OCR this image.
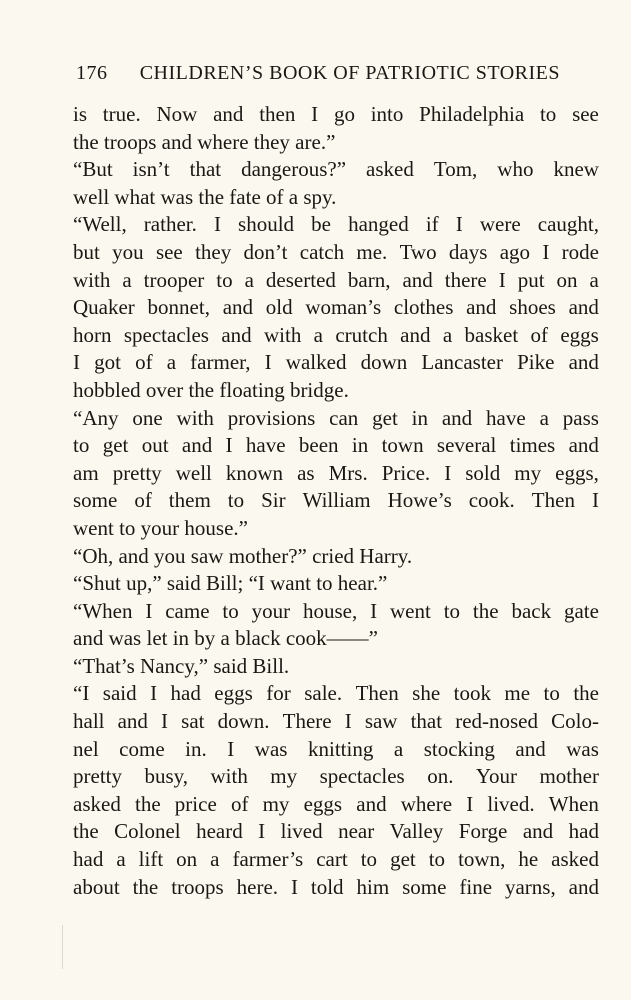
176 CHILDREN’S BOOK OF PATRIOTIC STORIES
is true. Now and then I go into Philadelphia to see
the troops and where they are.”
“But isn’t that dangerous?” asked Tom, who knew
well what was the fate of a spy.
“Well, rather. I should be hanged if I were caught,
but you see they don’t catch me. Two days ago I rode
with a trooper to a deserted barn, and there I put on a
Quaker bonnet, and old woman’s clothes and shoes and
horn spectacles and with a crutch and a basket of eggs
I got of a farmer, I walked down Lancaster Pike and
hobbled over the floating bridge.
“Any one with provisions can get in and have a pass
to get out and I have been in town several times and
am pretty well known as Mrs. Price. I sold my eggs,
some of them to Sir William Howe’s cook. Then I
went to your house.”
“Oh, and you saw mother?” cried Harry.
“Shut up,” said Bill; “I want to hear.”
“When I came to your house, I went to the back gate
and was let in by a black cook——”
“That’s Nancy,” said Bill.
“I said I had eggs for sale. Then she took me to the
hall and I sat down. There I saw that red-nosed Colo-
nel come in. I was knitting a stocking and was
pretty busy, with my spectacles on. Your mother
asked the price of my eggs and where I lived. When
the Colonel heard I lived near Valley Forge and had
had a lift on a farmer’s cart to get to town, he asked
about the troops here. I told him some fine yarns, and
